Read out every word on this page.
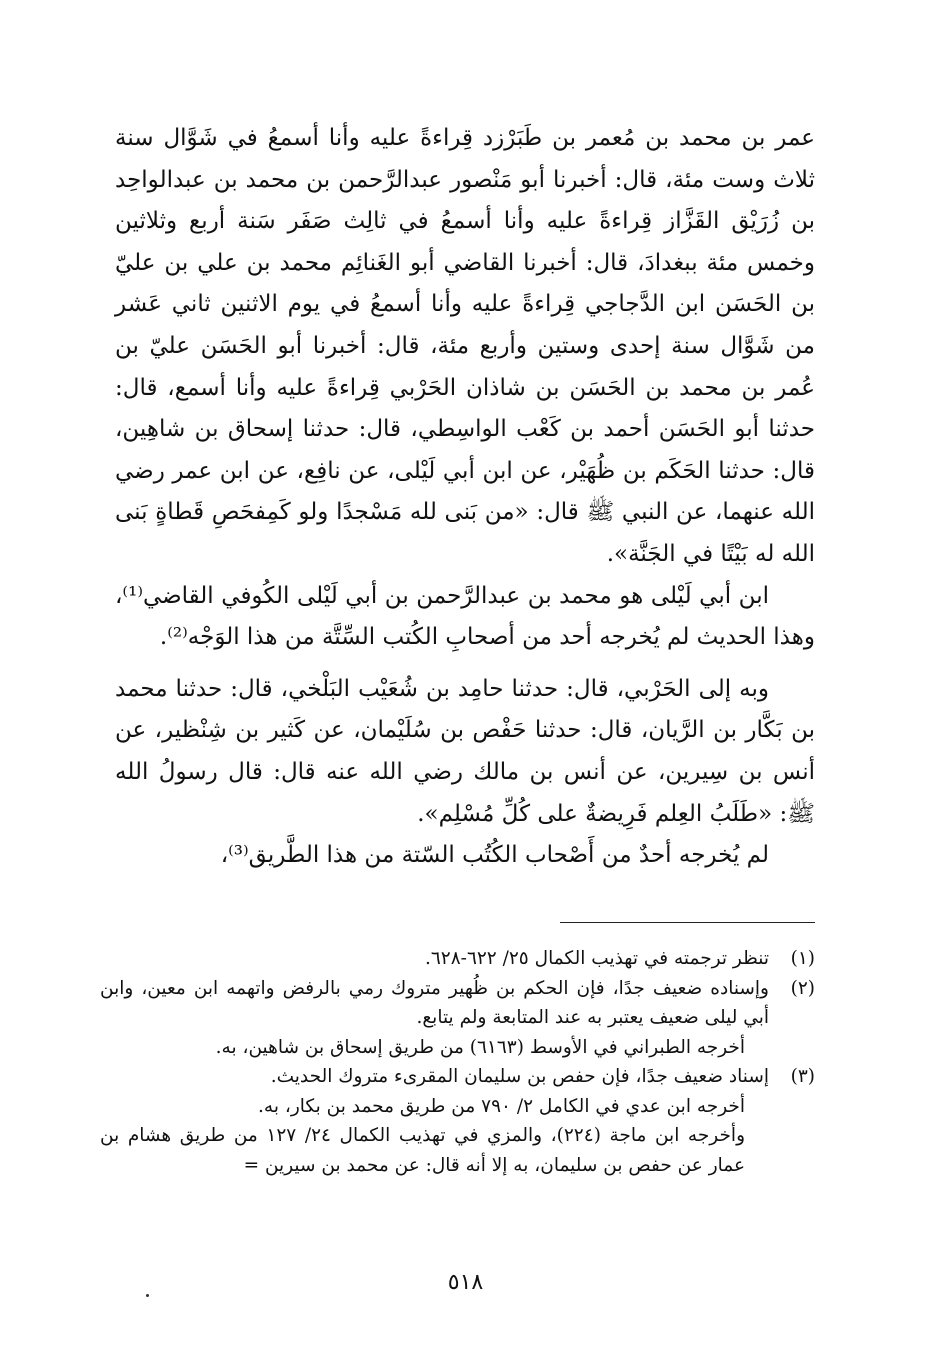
عمر بن محمد بن مُعمر بن طَبَرْزد قِراءةً عليه وأنا أسمعُ في شَوَّال سنة ثلاث وست مئة، قال: أخبرنا أبو مَنْصور عبدالرَّحمن بن محمد بن عبدالواحِد بن زُرَيْق القَزَّاز قِراءةً عليه وأنا أسمعُ في ثالِث صَفَر سَنة أربع وثلاثين وخمس مئة ببغدادَ، قال: أخبرنا القاضي أبو الغَنائِم محمد بن علي بن عليّ بن الحَسَن ابن الدَّجاجي قِراءةً عليه وأنا أسمعُ في يوم الاثنين ثاني عَشر من شَوَّال سنة إحدى وستين وأربع مئة، قال: أخبرنا أبو الحَسَن عليّ بن عُمر بن محمد بن الحَسَن بن شاذان الحَرْبي قِراءةً عليه وأنا أسمع، قال: حدثنا أبو الحَسَن أحمد بن كَعْب الواسِطي، قال: حدثنا إسحاق بن شاهِين، قال: حدثنا الحَكَم بن ظُهَيْر، عن ابن أبي لَيْلى، عن نافِع، عن ابن عمر رضي الله عنهما، عن النبي ﷺ قال: «من بَنى لله مَسْجدًا ولو كَمِفحَصِ قَطاةٍ بَنى الله له بَيْتًا في الجَنَّة».

ابن أبي لَيْلى هو محمد بن عبدالرَّحمن بن أبي لَيْلى الكُوفي القاضي⁽¹⁾، وهذا الحديث لم يُخرجه أحد من أصحابِ الكُتب السِّتَّة من هذا الوَجْه⁽²⁾.

وبه إلى الحَرْبي، قال: حدثنا حامِد بن شُعَيْب البَلْخي، قال: حدثنا محمد بن بَكَّار بن الرَّيان، قال: حدثنا حَفْص بن سُلَيْمان، عن كَثير بن شِنْظير، عن أنس بن سِيرين، عن أنس بن مالك رضي الله عنه قال: قال رسولُ الله ﷺ: «طَلَبُ العِلم فَرِيضةٌ على كُلِّ مُسْلِم».

لم يُخرجه أحدٌ من أَصْحاب الكُتُب السّتة من هذا الطَّريق⁽³⁾،

(١)

تنظر ترجمته في تهذيب الكمال ٢٥/ ٦٢٢-٦٢٨.

(٢)

وإسناده ضعيف جدًا، فإن الحكم بن ظُهير متروك رمي بالرفض واتهمه ابن معين، وابن أبي ليلى ضعيف يعتبر به عند المتابعة ولم يتابع.

أخرجه الطبراني في الأوسط (٦١٦٣) من طريق إسحاق بن شاهين، به.

(٣)

إسناد ضعيف جدًا، فإن حفص بن سليمان المقرىء متروك الحديث.

أخرجه ابن عدي في الكامل ٢/ ٧٩٠ من طريق محمد بن بكار، به.

وأخرجه ابن ماجة (٢٢٤)، والمزي في تهذيب الكمال ٢٤/ ١٢٧ من طريق هشام بن عمار عن حفص بن سليمان، به إلا أنه قال: عن محمد بن سيرين =

٥١٨
